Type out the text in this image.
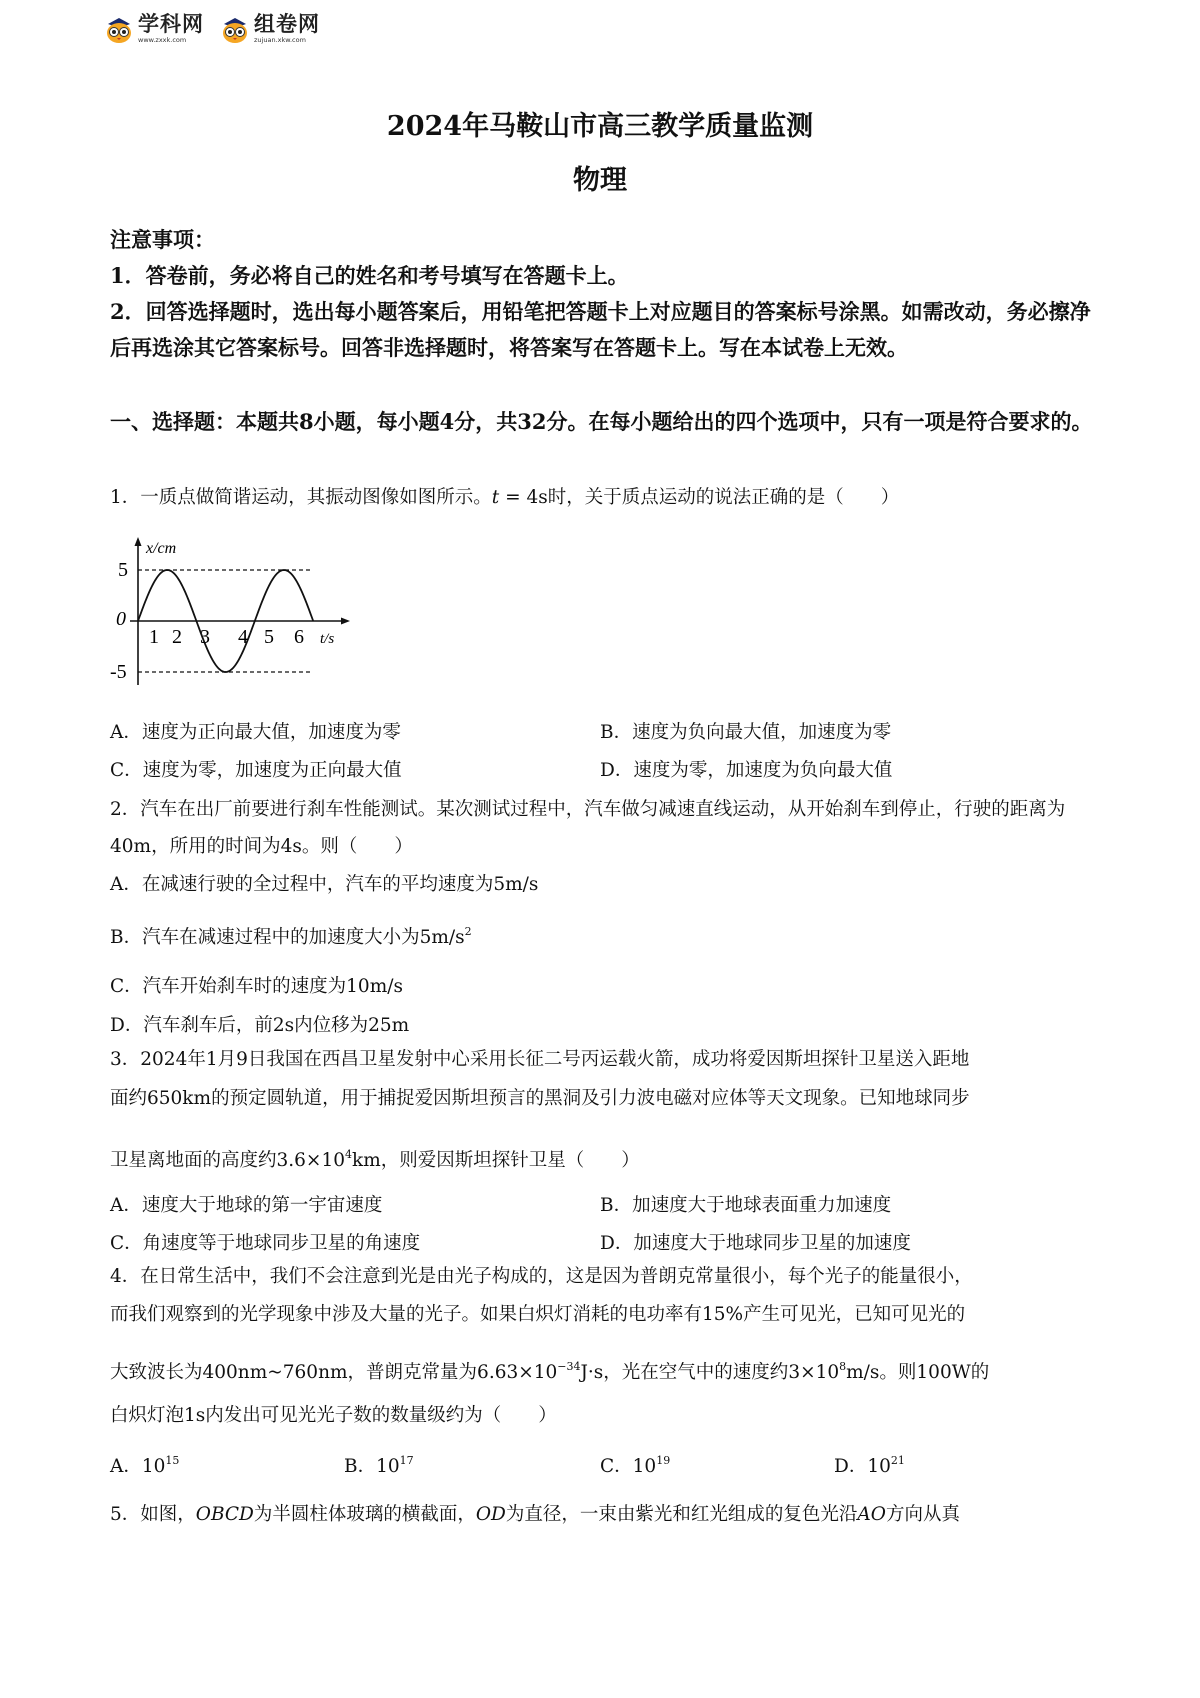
学科网
www.zxxk.com
组卷网
zujuan.xkw.com
2024年马鞍山市高三教学质量监测
物理
注意事项：
1．答卷前，务必将自己的姓名和考号填写在答题卡上。
2．回答选择题时，选出每小题答案后，用铅笔把答题卡上对应题目的答案标号涂黑。如需改动，务必擦净后再选涂其它答案标号。回答非选择题时，将答案写在答题卡上。写在本试卷上无效。
一、选择题：本题共8小题，每小题4分，共32分。在每小题给出的四个选项中，只有一项是符合要求的。
1．一质点做简谐运动，其振动图像如图所示。t = 4s时，关于质点运动的说法正确的是（　　）
x/cm
5
0
-5
1 2 3 4 5 6 t/s
A．速度为正向最大值，加速度为零	B．速度为负向最大值，加速度为零
C．速度为零，加速度为正向最大值	D．速度为零，加速度为负向最大值
2．汽车在出厂前要进行刹车性能测试。某次测试过程中，汽车做匀减速直线运动，从开始刹车到停止，行驶的距离为40m，所用的时间为4s。则（　　）
A．在减速行驶的全过程中，汽车的平均速度为5m/s
B．汽车在减速过程中的加速度大小为$5m/s^2$
C．汽车开始刹车时的速度为10m/s
D．汽车刹车后，前2s内位移为25m
3．2024年1月9日我国在西昌卫星发射中心采用长征二号丙运载火箭，成功将爱因斯坦探针卫星送入距地
面约650km的预定圆轨道，用于捕捉爱因斯坦预言的黑洞及引力波电磁对应体等天文现象。已知地球同步
卫星离地面的高度约$3.6\times 10^4km$，则爱因斯坦探针卫星（　　）
A．速度大于地球的第一宇宙速度	B．加速度大于地球表面重力加速度
C．角速度等于地球同步卫星的角速度	D．加速度大于地球同步卫星的加速度
4．在日常生活中，我们不会注意到光是由光子构成的，这是因为普朗克常量很小，每个光子的能量很小，
而我们观察到的光学现象中涉及大量的光子。如果白炽灯消耗的电功率有15%产生可见光，已知可见光的
大致波长为400nm~760nm，普朗克常量为$6.63\times 10^{-34}J\cdot s$，光在空气中的速度约$3\times 10^8m/s$。则100W的
白炽灯泡1s内发出可见光光子数的数量级约为（　　）
A．$10^{15}$	B．$10^{17}$	C．$10^{19}$	D．$10^{21}$
5．如图，OBCD为半圆柱体玻璃的横截面，OD为直径，一束由紫光和红光组成的复色光沿AO方向从真
